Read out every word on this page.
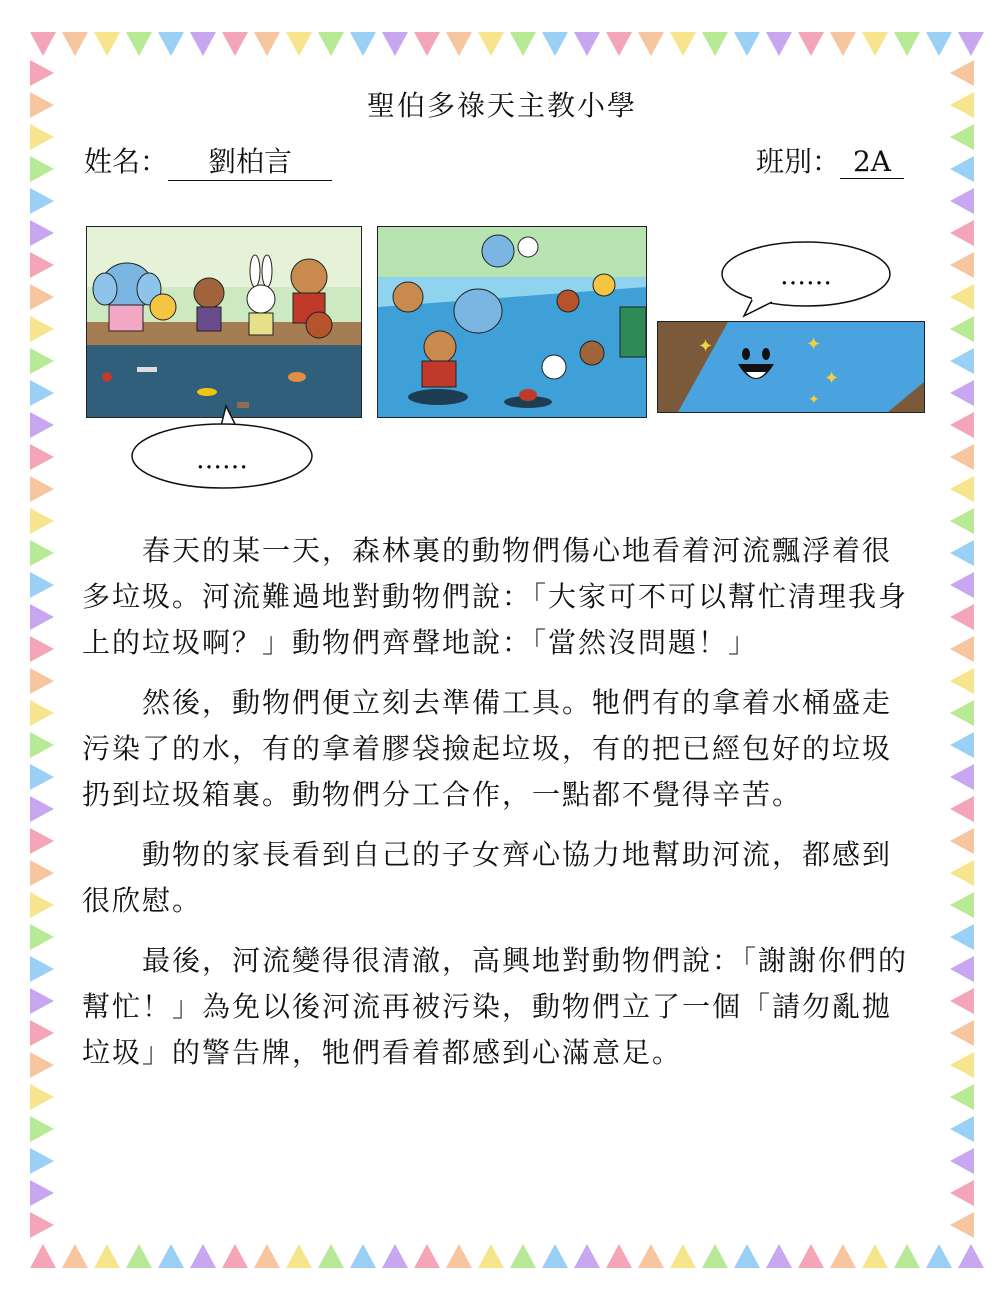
聖伯多祿天主教小學
姓名： 劉柏言	班別： 2A
……
……
✦	✦
✦
✦

春天的某一天，森林裏的動物們傷心地看着河流飄浮着很多垃圾。河流難過地對動物們說：「大家可不可以幫忙清理我身上的垃圾啊？」動物們齊聲地說：「當然沒問題！」

然後，動物們便立刻去準備工具。牠們有的拿着水桶盛走污染了的水，有的拿着膠袋撿起垃圾，有的把已經包好的垃圾扔到垃圾箱裏。動物們分工合作，一點都不覺得辛苦。

動物的家長看到自己的子女齊心協力地幫助河流，都感到很欣慰。

最後，河流變得很清澈，高興地對動物們說：「謝謝你們的幫忙！」為免以後河流再被污染，動物們立了一個「請勿亂拋垃圾」的警告牌，牠們看着都感到心滿意足。
